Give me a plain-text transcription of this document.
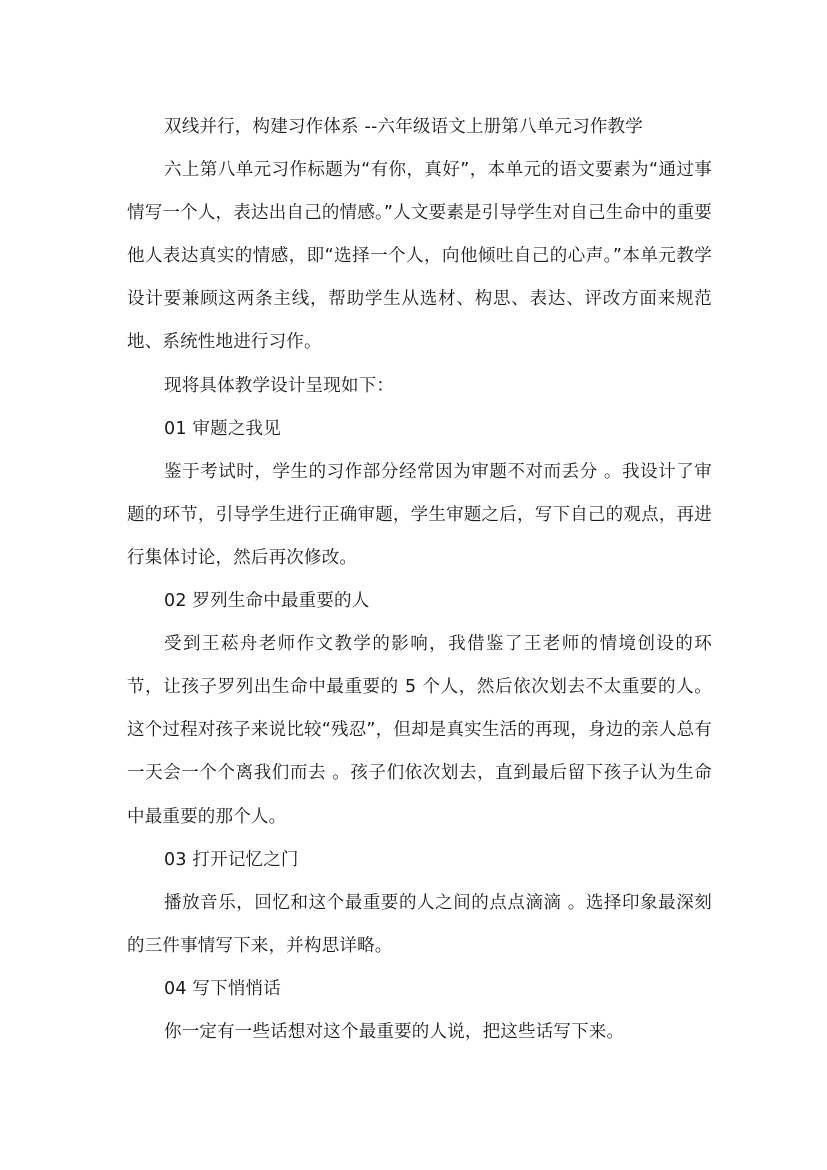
双线并行，构建习作体系 --六年级语文上册第八单元习作教学

六上第八单元习作标题为“有你，真好”，本单元的语文要素为“通过事情写一个人，表达出自己的情感。”人文要素是引导学生对自己生命中的重要他人表达真实的情感，即“选择一个人，向他倾吐自己的心声。”本单元教学设计要兼顾这两条主线，帮助学生从选材、构思、表达、评改方面来规范地、系统性地进行习作。

现将具体教学设计呈现如下：

01 审题之我见

鉴于考试时，学生的习作部分经常因为审题不对而丢分 。我设计了审题的环节，引导学生进行正确审题，学生审题之后，写下自己的观点，再进行集体讨论，然后再次修改。

02 罗列生命中最重要的人

受到王菘舟老师作文教学的影响，我借鉴了王老师的情境创设的环节，让孩子罗列出生命中最重要的 5 个人，然后依次划去不太重要的人。这个过程对孩子来说比较“残忍”，但却是真实生活的再现，身边的亲人总有一天会一个个离我们而去 。孩子们依次划去，直到最后留下孩子认为生命中最重要的那个人。

03 打开记忆之门

播放音乐，回忆和这个最重要的人之间的点点滴滴 。选择印象最深刻的三件事情写下来，并构思详略。

04 写下悄悄话

你一定有一些话想对这个最重要的人说，把这些话写下来。
